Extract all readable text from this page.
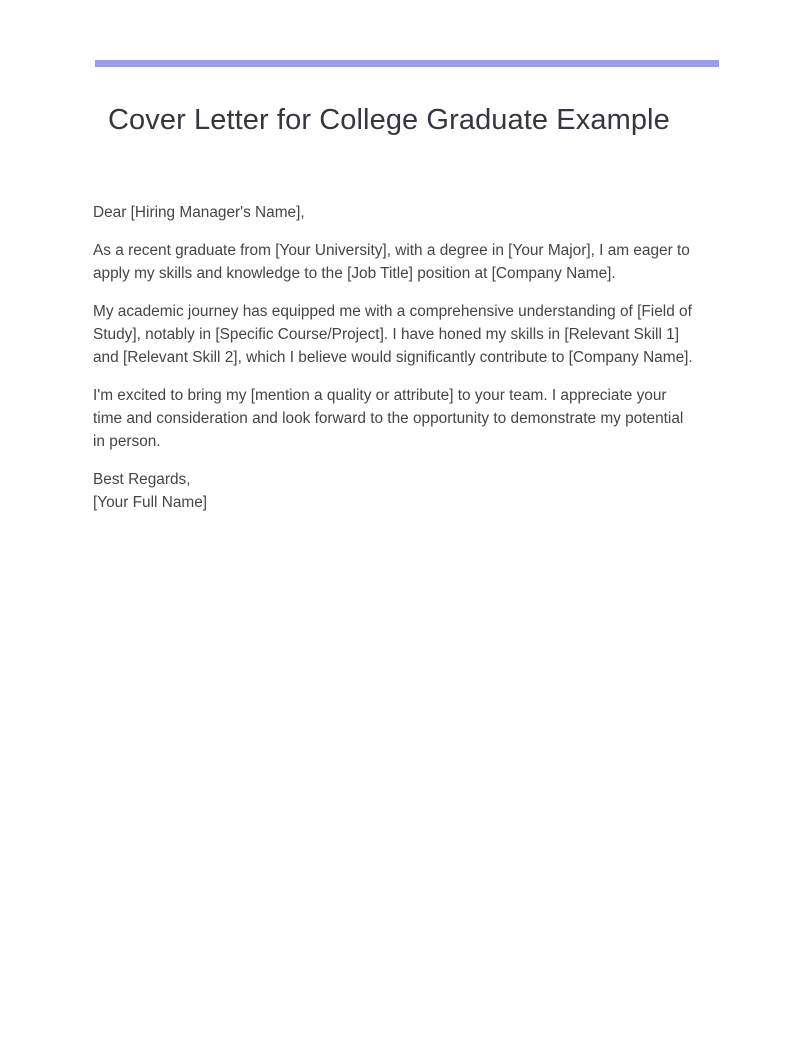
Cover Letter for College Graduate Example

Dear [Hiring Manager's Name],

As a recent graduate from [Your University], with a degree in [Your Major], I am eager to apply my skills and knowledge to the [Job Title] position at [Company Name].

My academic journey has equipped me with a comprehensive understanding of [Field of Study], notably in [Specific Course/Project]. I have honed my skills in [Relevant Skill 1] and [Relevant Skill 2], which I believe would significantly contribute to [Company Name].

I'm excited to bring my [mention a quality or attribute] to your team. I appreciate your time and consideration and look forward to the opportunity to demonstrate my potential in person.

Best Regards,

[Your Full Name]
